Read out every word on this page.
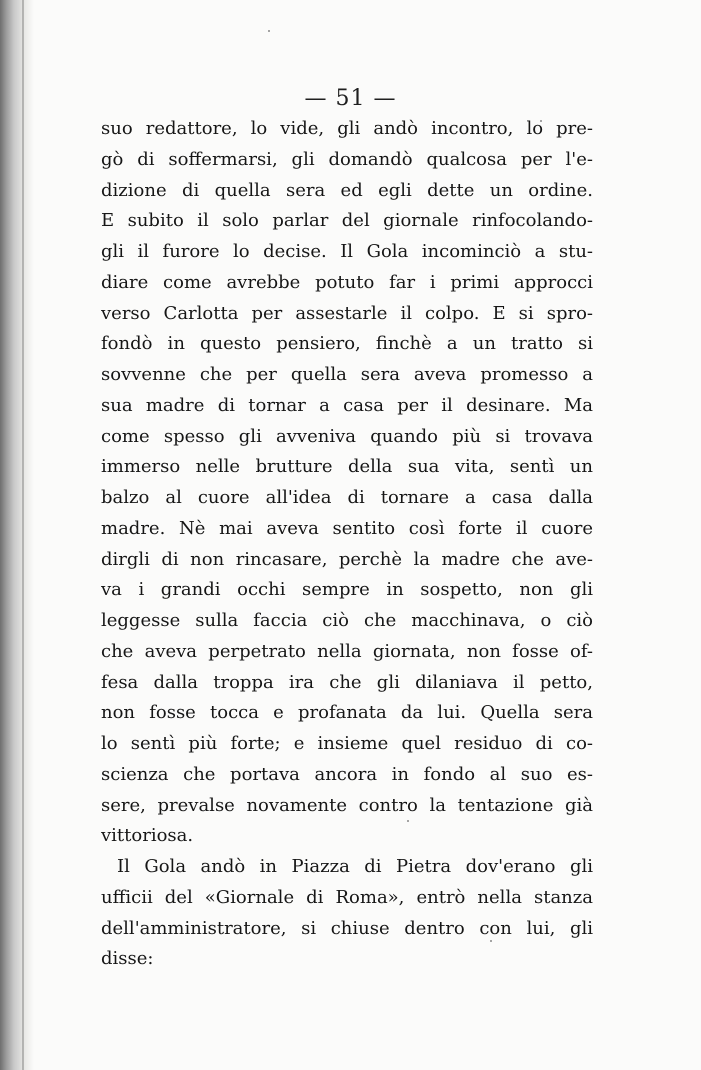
— 51 —
suo redattore, lo vide, gli andò incontro, lo pre-
gò di soffermarsi, gli domandò qualcosa per l'e-
dizione di quella sera ed egli dette un ordine.
E subito il solo parlar del giornale rinfocolando-
gli il furore lo decise. Il Gola incominciò a stu-
diare come avrebbe potuto far i primi approcci
verso Carlotta per assestarle il colpo. E si spro-
fondò in questo pensiero, finchè a un tratto si
sovvenne che per quella sera aveva promesso a
sua madre di tornar a casa per il desinare. Ma
come spesso gli avveniva quando più si trovava
immerso nelle brutture della sua vita, sentì un
balzo al cuore all'idea di tornare a casa dalla
madre. Nè mai aveva sentito così forte il cuore
dirgli di non rincasare, perchè la madre che ave-
va i grandi occhi sempre in sospetto, non gli
leggesse sulla faccia ciò che macchinava, o ciò
che aveva perpetrato nella giornata, non fosse of-
fesa dalla troppa ira che gli dilaniava il petto,
non fosse tocca e profanata da lui. Quella sera
lo sentì più forte; e insieme quel residuo di co-
scienza che portava ancora in fondo al suo es-
sere, prevalse novamente contro la tentazione già
vittoriosa.
Il Gola andò in Piazza di Pietra dov'erano gli
ufficii del «Giornale di Roma», entrò nella stanza
dell'amministratore, si chiuse dentro con lui, gli
disse:
